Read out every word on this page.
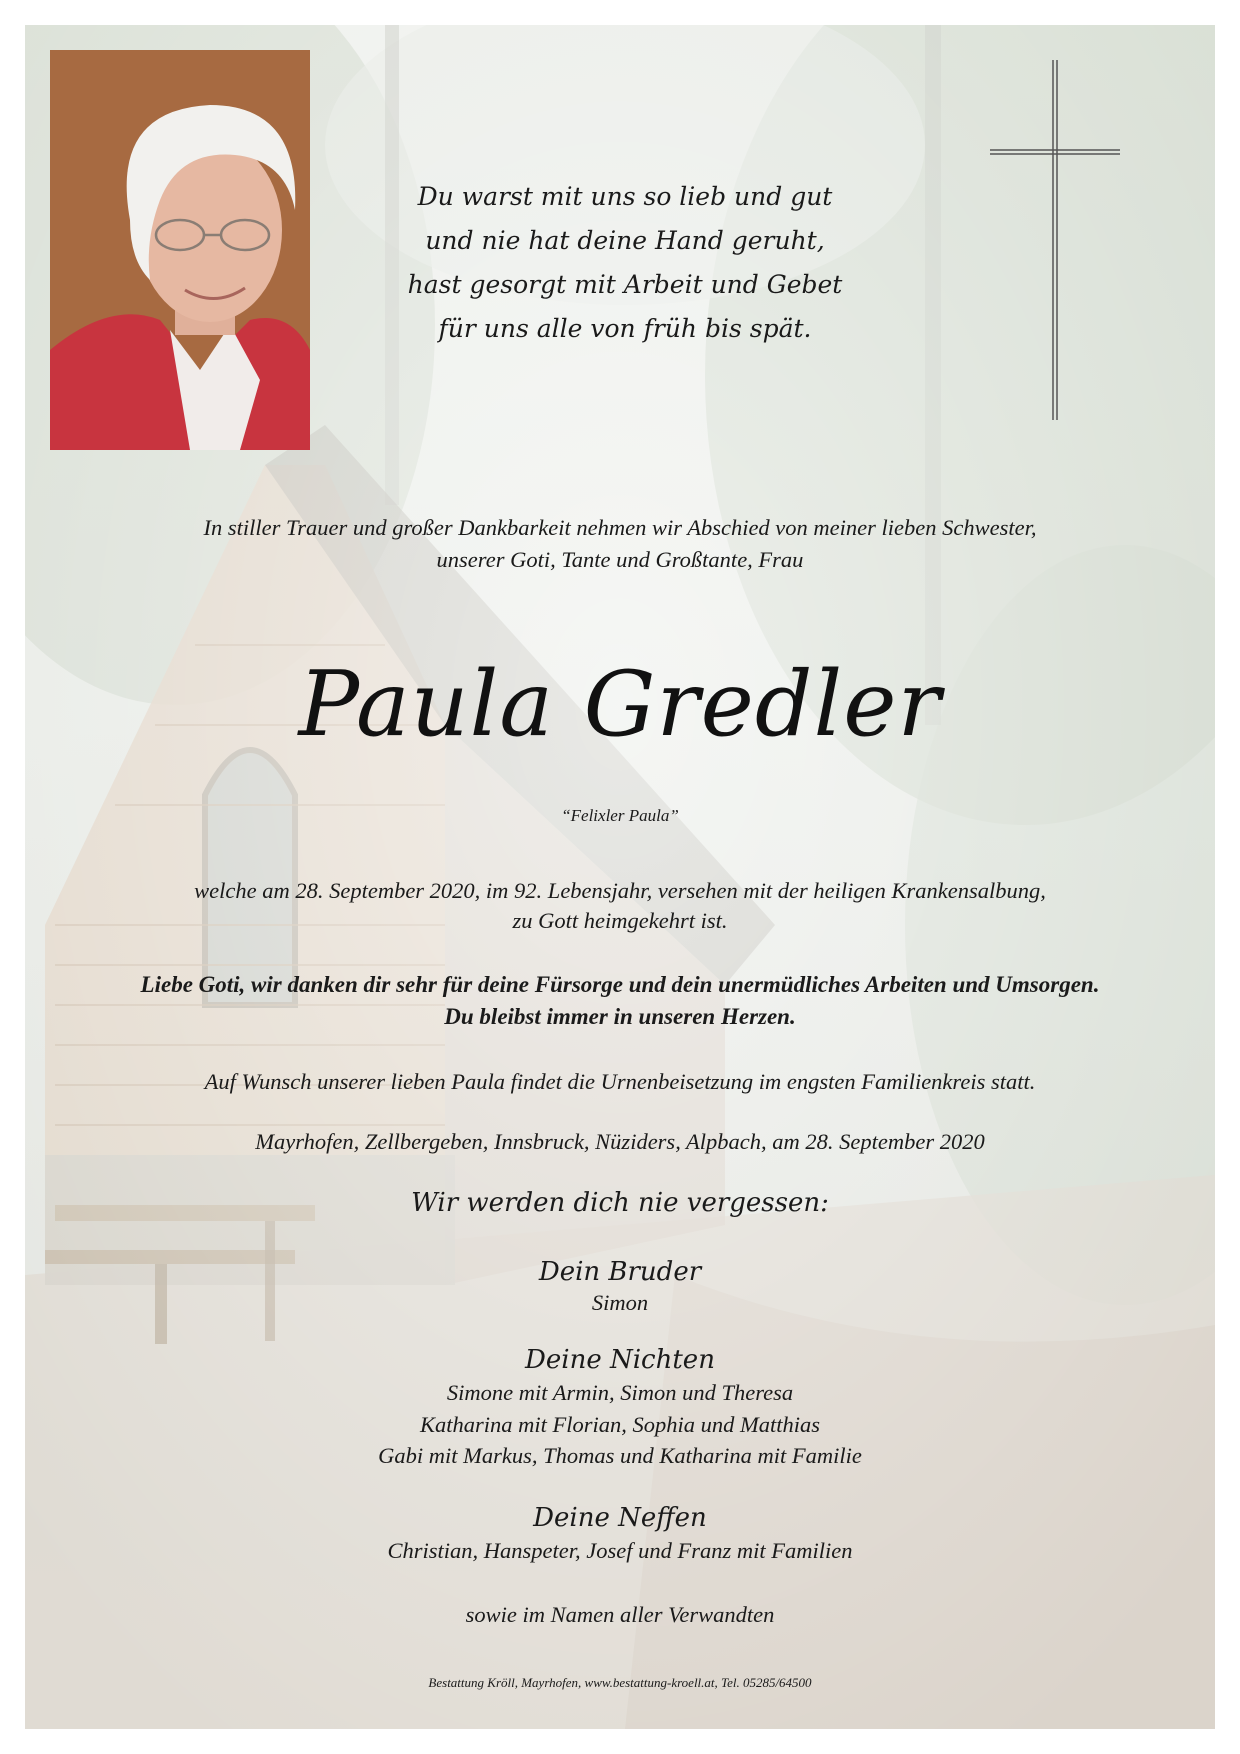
Du warst mit uns so lieb und gut
und nie hat deine Hand geruht,
hast gesorgt mit Arbeit und Gebet
für uns alle von früh bis spät.
In stiller Trauer und großer Dankbarkeit nehmen wir Abschied von meiner lieben Schwester,
unserer Goti, Tante und Großtante, Frau
Paula Gredler
“Felixler Paula”
welche am 28. September 2020, im 92. Lebensjahr, versehen mit der heiligen Krankensalbung,
zu Gott heimgekehrt ist.
Liebe Goti, wir danken dir sehr für deine Fürsorge und dein unermüdliches Arbeiten und Umsorgen.
Du bleibst immer in unseren Herzen.
Auf Wunsch unserer lieben Paula findet die Urnenbeisetzung im engsten Familienkreis statt.
Mayrhofen, Zellbergeben, Innsbruck, Nüziders, Alpbach, am 28. September 2020
Wir werden dich nie vergessen:
Dein Bruder
Simon
Deine Nichten
Simone mit Armin, Simon und Theresa
Katharina mit Florian, Sophia und Matthias
Gabi mit Markus, Thomas und Katharina mit Familie
Deine Neffen
Christian, Hanspeter, Josef und Franz mit Familien
sowie im Namen aller Verwandten
Bestattung Kröll, Mayrhofen, www.bestattung-kroell.at, Tel. 05285/64500
